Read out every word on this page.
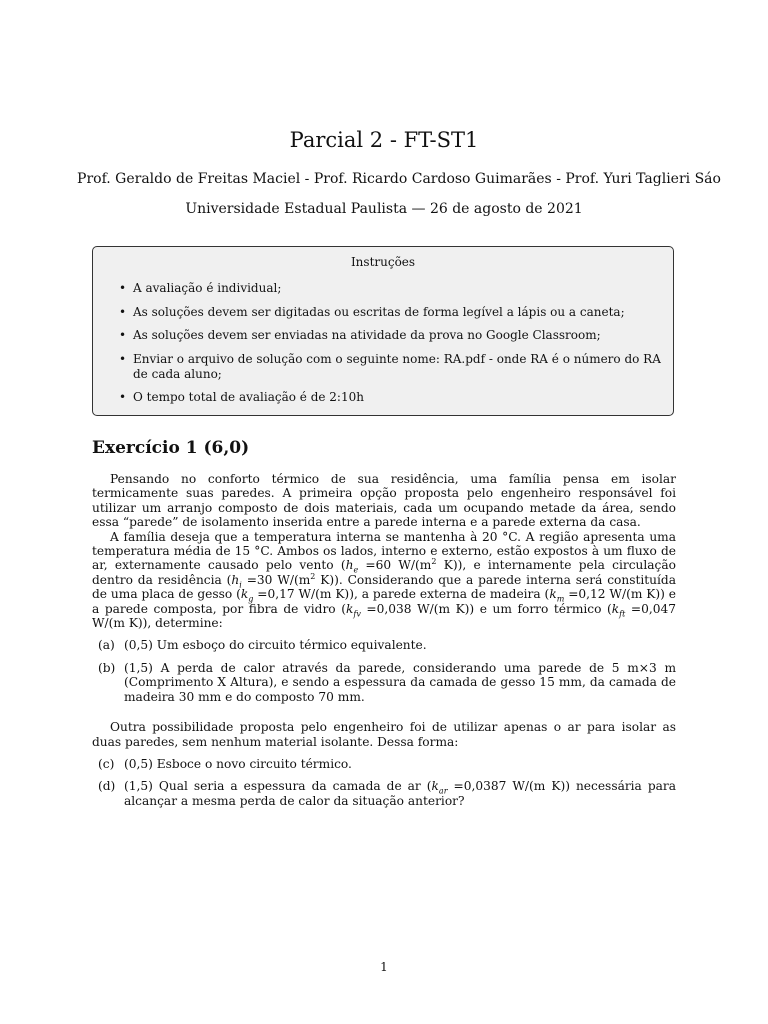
Parcial 2 - FT-ST1

Prof. Geraldo de Freitas Maciel - Prof. Ricardo Cardoso Guimarães - Prof. Yuri Taglieri Sáo

Universidade Estadual Paulista — 26 de agosto de 2021

Instruções

• A avaliação é individual;
• As soluções devem ser digitadas ou escritas de forma legível a lápis ou a caneta;
• As soluções devem ser enviadas na atividade da prova no Google Classroom;
• Enviar o arquivo de solução com o seguinte nome: RA.pdf - onde RA é o número do RA de cada aluno;
• O tempo total de avaliação é de 2:10h
Exercício 1 (6,0)

Pensando no conforto térmico de sua residência, uma família pensa em isolar termicamente suas paredes. A primeira opção proposta pelo engenheiro responsável foi utilizar um arranjo composto de dois materiais, cada um ocupando metade da área, sendo essa “parede” de isolamento inserida entre a parede interna e a parede externa da casa.

A família deseja que a temperatura interna se mantenha à 20 °C. A região apresenta uma temperatura média de 15 °C. Ambos os lados, interno e externo, estão expostos à um fluxo de ar, externamente causado pelo vento ($h_e =60$ $W/(m^2$ K)), e internamente pela circulação dentro da residência ($h_i =30$ $W/(m^2$ K)). Considerando que a parede interna será constituída de uma placa de gesso ($k_g =0,17$ W/(m K)), a parede externa de madeira ($k_m =0,12$ W/(m K)) e a parede composta, por fibra de vidro ($k_{fv} =0,038$ W/(m K)) e um forro térmico ($k_{ft} =0,047$ W/(m K)), determine:

(a) (0,5) Um esboço do circuito térmico equivalente.
(b) (1,5) A perda de calor através da parede, considerando uma parede de 5 m×3 m (Comprimento X Altura), e sendo a espessura da camada de gesso 15 mm, da camada de madeira 30 mm e do composto 70 mm.

Outra possibilidade proposta pelo engenheiro foi de utilizar apenas o ar para isolar as duas paredes, sem nenhum material isolante. Dessa forma:

(c) (0,5) Esboce o novo circuito térmico.
(d) (1,5) Qual seria a espessura da camada de ar ($k_{ar} =0,0387$ W/(m K)) necessária para alcançar a mesma perda de calor da situação anterior?
1
